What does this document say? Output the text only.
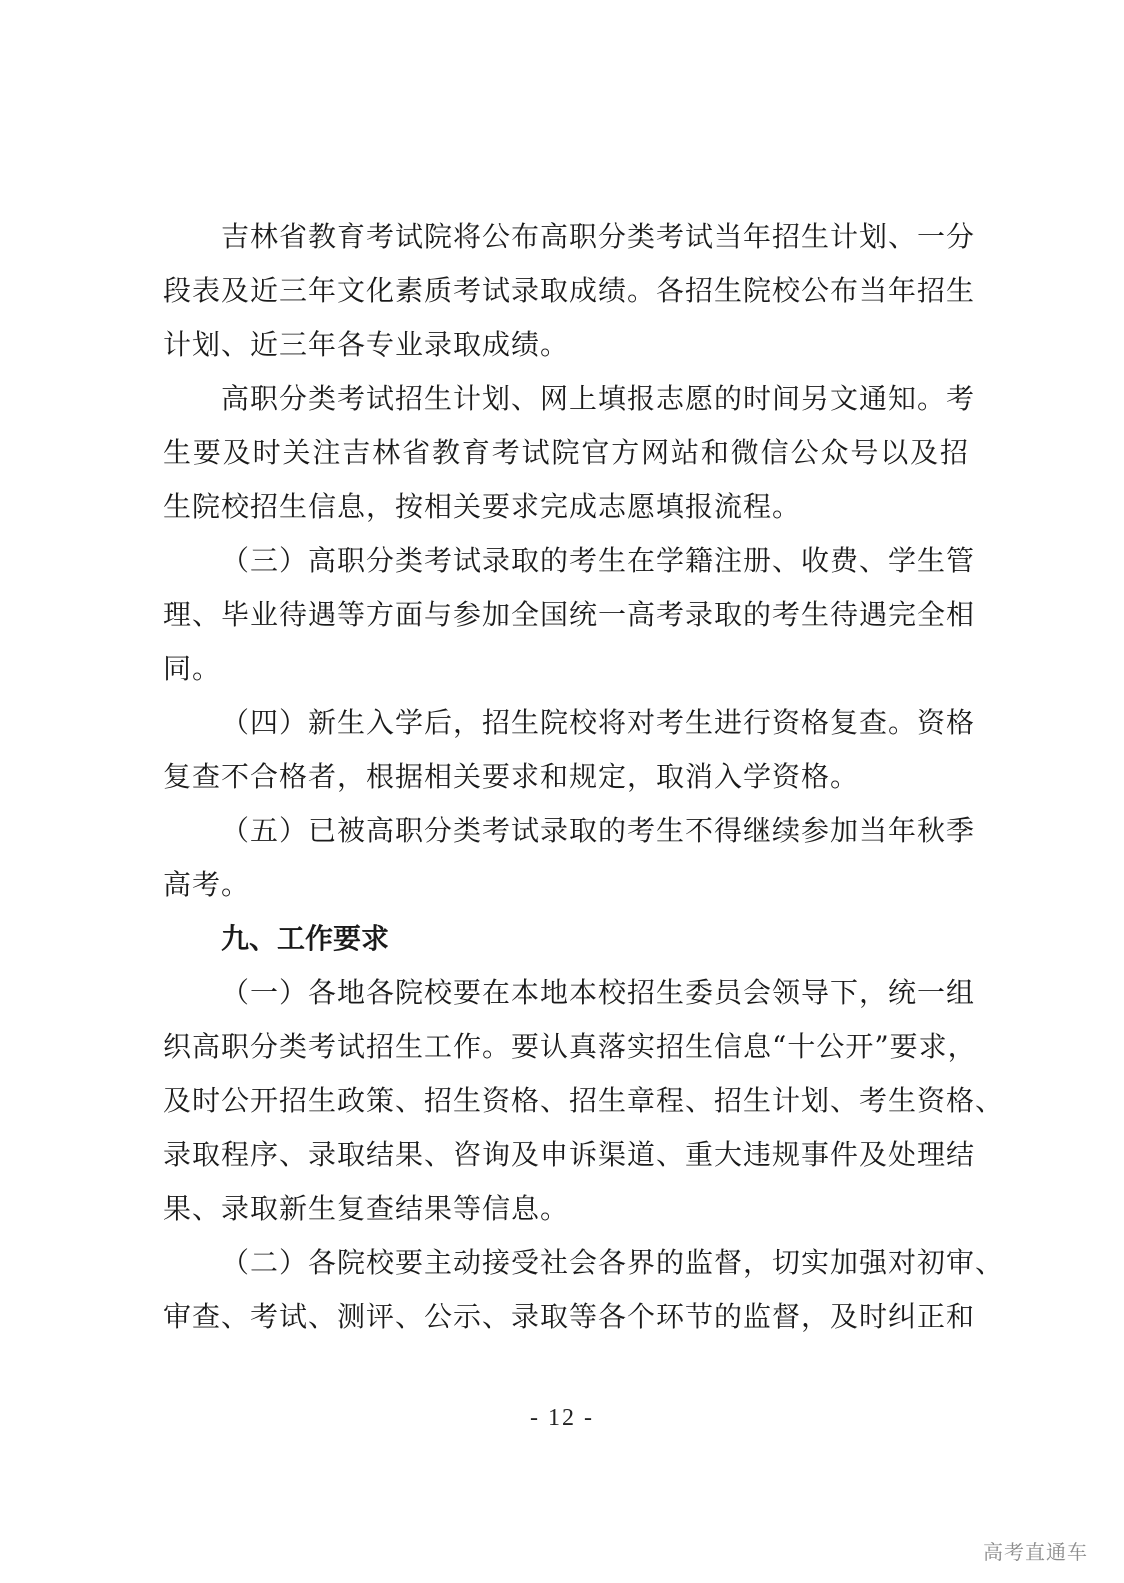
吉林省教育考试院将公布高职分类考试当年招生计划、一分
段表及近三年文化素质考试录取成绩。各招生院校公布当年招生
计划、近三年各专业录取成绩。
高职分类考试招生计划、网上填报志愿的时间另文通知。考
生要及时关注吉林省教育考试院官方网站和微信公众号以及招
生院校招生信息，按相关要求完成志愿填报流程。
（三）高职分类考试录取的考生在学籍注册、收费、学生管
理、毕业待遇等方面与参加全国统一高考录取的考生待遇完全相
同。
（四）新生入学后，招生院校将对考生进行资格复查。资格
复查不合格者，根据相关要求和规定，取消入学资格。
（五）已被高职分类考试录取的考生不得继续参加当年秋季
高考。
九、工作要求
（一）各地各院校要在本地本校招生委员会领导下，统一组
织高职分类考试招生工作。要认真落实招生信息“十公开”要求，
及时公开招生政策、招生资格、招生章程、招生计划、考生资格、
录取程序、录取结果、咨询及申诉渠道、重大违规事件及处理结
果、录取新生复查结果等信息。
（二）各院校要主动接受社会各界的监督，切实加强对初审、
审查、考试、测评、公示、录取等各个环节的监督，及时纠正和
- 12 -
高考直通车
